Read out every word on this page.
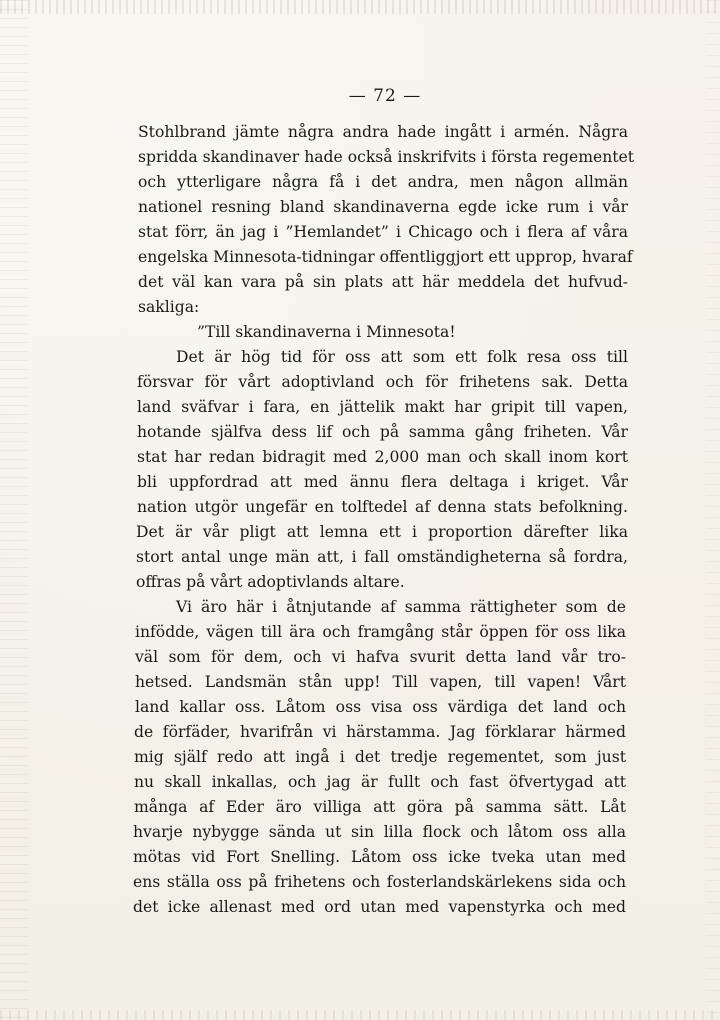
— 72 —
Stohlbrand jämte några andra hade ingått i armén. Några
spridda skandinaver hade också inskrifvits i första regementet
och ytterligare några få i det andra, men någon allmän
nationel resning bland skandinaverna egde icke rum i vår
stat förr, än jag i ”Hemlandet” i Chicago och i flera af våra
engelska Minnesota-tidningar offentliggjort ett upprop, hvaraf
det väl kan vara på sin plats att här meddela det hufvud-
sakliga:
”Till skandinaverna i Minnesota!
Det är hög tid för oss att som ett folk resa oss till
försvar för vårt adoptivland och för frihetens sak. Detta
land sväfvar i fara, en jättelik makt har gripit till vapen,
hotande själfva dess lif och på samma gång friheten. Vår
stat har redan bidragit med 2,000 man och skall inom kort
bli uppfordrad att med ännu flera deltaga i kriget. Vår
nation utgör ungefär en tolftedel af denna stats befolkning.
Det är vår pligt att lemna ett i proportion därefter lika
stort antal unge män att, i fall omständigheterna så fordra,
offras på vårt adoptivlands altare.
Vi äro här i åtnjutande af samma rättigheter som de
infödde, vägen till ära och framgång står öppen för oss lika
väl som för dem, och vi hafva svurit detta land vår tro-
hetsed. Landsmän stån upp! Till vapen, till vapen! Vårt
land kallar oss. Låtom oss visa oss värdiga det land och
de förfäder, hvarifrån vi härstamma. Jag förklarar härmed
mig själf redo att ingå i det tredje regementet, som just
nu skall inkallas, och jag är fullt och fast öfvertygad att
många af Eder äro villiga att göra på samma sätt. Låt
hvarje nybygge sända ut sin lilla flock och låtom oss alla
mötas vid Fort Snelling. Låtom oss icke tveka utan med
ens ställa oss på frihetens och fosterlandskärlekens sida och
det icke allenast med ord utan med vapenstyrka och med
